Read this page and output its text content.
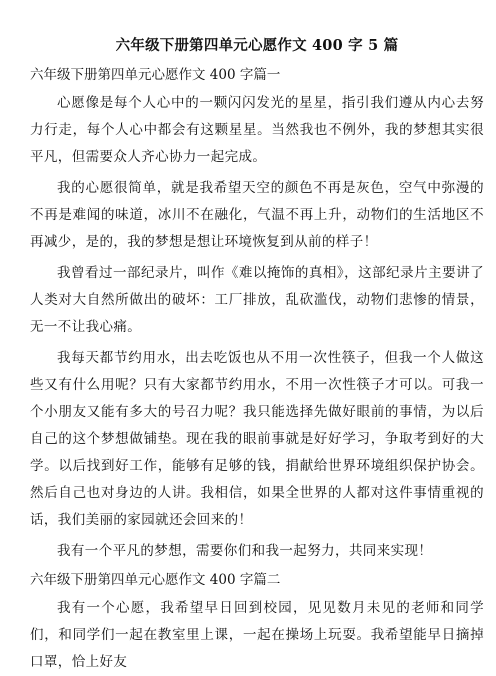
六年级下册第四单元心愿作文 400 字 5 篇
六年级下册第四单元心愿作文 400 字篇一

心愿像是每个人心中的一颗闪闪发光的星星，指引我们遵从内心去努力行走，每个人心中都会有这颗星星。当然我也不例外，我的梦想其实很平凡，但需要众人齐心协力一起完成。

我的心愿很简单，就是我希望天空的颜色不再是灰色，空气中弥漫的不再是难闻的味道，冰川不在融化，气温不再上升，动物们的生活地区不再减少，是的，我的梦想是想让环境恢复到从前的样子！

我曾看过一部纪录片，叫作《难以掩饰的真相》，这部纪录片主要讲了人类对大自然所做出的破坏：工厂排放，乱砍滥伐，动物们悲惨的情景，无一不让我心痛。

我每天都节约用水，出去吃饭也从不用一次性筷子，但我一个人做这些又有什么用呢？只有大家都节约用水，不用一次性筷子才可以。可我一个小朋友又能有多大的号召力呢？我只能选择先做好眼前的事情，为以后自己的这个梦想做铺垫。现在我的眼前事就是好好学习，争取考到好的大学。以后找到好工作，能够有足够的钱，捐献给世界环境组织保护协会。然后自己也对身边的人讲。我相信，如果全世界的人都对这件事情重视的话，我们美丽的家园就还会回来的！

我有一个平凡的梦想，需要你们和我一起努力，共同来实现！

六年级下册第四单元心愿作文 400 字篇二

我有一个心愿，我希望早日回到校园，见见数月未见的老师和同学们，和同学们一起在教室里上课，一起在操场上玩耍。我希望能早日摘掉口罩，恰上好友
